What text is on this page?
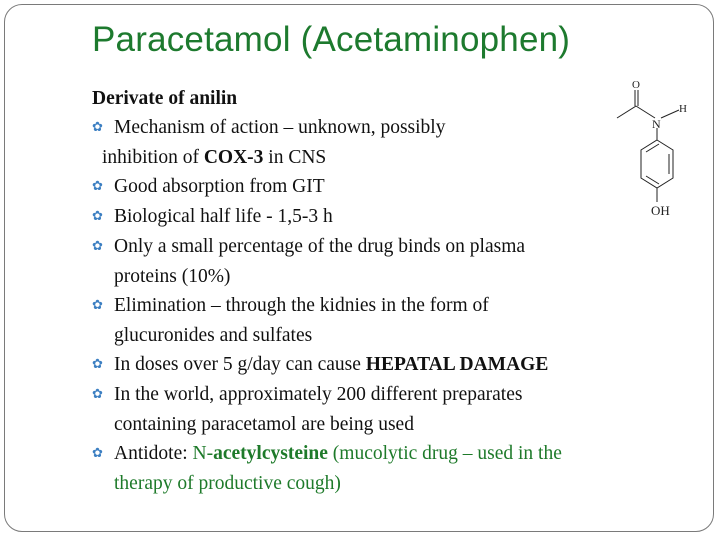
Paracetamol (Acetaminophen)
Derivate of anilin
✿ Mechanism of action – unknown, possibly
inhibition of COX-3 in CNS
✿ Good absorption from GIT
✿ Biological half life - 1,5-3 h
✿ Only a small percentage of the drug binds on plasma
proteins (10%)
✿ Elimination – through the kidnies in the form of
glucuronides and sulfates
✿ In doses over 5 g/day can cause HEPATAL DAMAGE
✿ In the world, approximately 200 different preparates
containing paracetamol are being used
✿ Antidote: N-acetylcysteine (mucolytic drug – used in the
therapy of productive cough)
O
N
H
OH
